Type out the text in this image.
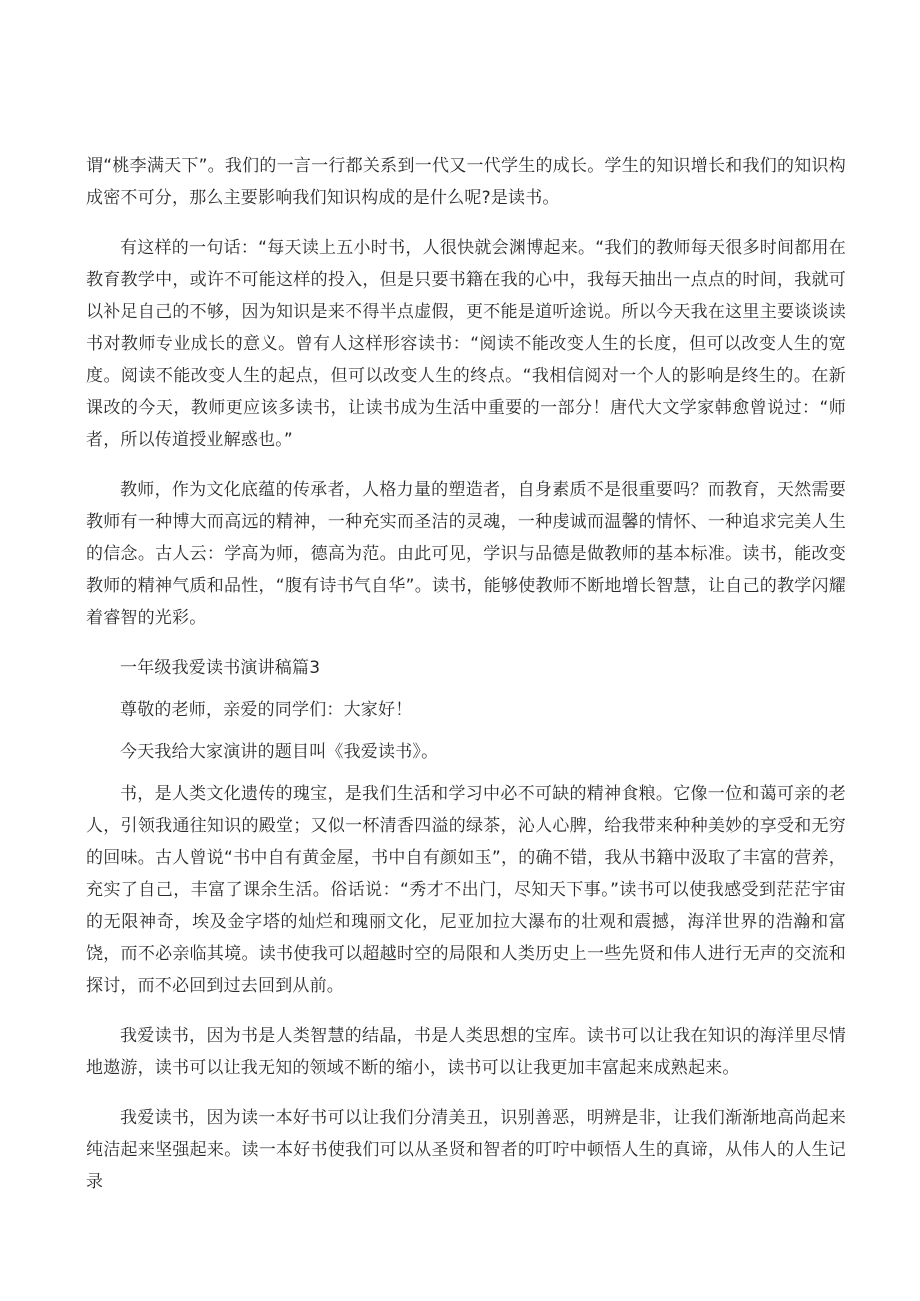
谓“桃李满天下”。我们的一言一行都关系到一代又一代学生的成长。学生的知识增长和我们的知识构成密不可分，那么主要影响我们知识构成的是什么呢?是读书。

有这样的一句话：“每天读上五小时书，人很快就会渊博起来。“我们的教师每天很多时间都用在教育教学中，或许不可能这样的投入，但是只要书籍在我的心中，我每天抽出一点点的时间，我就可以补足自己的不够，因为知识是来不得半点虚假，更不能是道听途说。所以今天我在这里主要谈谈读书对教师专业成长的意义。曾有人这样形容读书：“阅读不能改变人生的长度，但可以改变人生的宽度。阅读不能改变人生的起点，但可以改变人生的终点。“我相信阅对一个人的影响是终生的。在新课改的今天，教师更应该多读书，让读书成为生活中重要的一部分！唐代大文学家韩愈曾说过：“师者，所以传道授业解惑也。”

教师，作为文化底蕴的传承者，人格力量的塑造者，自身素质不是很重要吗？而教育，天然需要教师有一种博大而高远的精神，一种充实而圣洁的灵魂，一种虔诚而温馨的情怀、一种追求完美人生的信念。古人云：学高为师，德高为范。由此可见，学识与品德是做教师的基本标准。读书，能改变教师的精神气质和品性，“腹有诗书气自华”。读书，能够使教师不断地增长智慧，让自己的教学闪耀着睿智的光彩。

一年级我爱读书演讲稿篇3

尊敬的老师，亲爱的同学们：大家好！

今天我给大家演讲的题目叫《我爱读书》。

书，是人类文化遗传的瑰宝，是我们生活和学习中必不可缺的精神食粮。它像一位和蔼可亲的老人，引领我通往知识的殿堂；又似一杯清香四溢的绿茶，沁人心脾，给我带来种种美妙的享受和无穷的回味。古人曾说“书中自有黄金屋，书中自有颜如玉”，的确不错，我从书籍中汲取了丰富的营养，充实了自己，丰富了课余生活。俗话说：“秀才不出门，尽知天下事。”读书可以使我感受到茫茫宇宙的无限神奇，埃及金字塔的灿烂和瑰丽文化，尼亚加拉大瀑布的壮观和震撼，海洋世界的浩瀚和富饶，而不必亲临其境。读书使我可以超越时空的局限和人类历史上一些先贤和伟人进行无声的交流和探讨，而不必回到过去回到从前。

我爱读书，因为书是人类智慧的结晶，书是人类思想的宝库。读书可以让我在知识的海洋里尽情地遨游，读书可以让我无知的领域不断的缩小，读书可以让我更加丰富起来成熟起来。

我爱读书，因为读一本好书可以让我们分清美丑，识别善恶，明辨是非，让我们渐渐地高尚起来纯洁起来坚强起来。读一本好书使我们可以从圣贤和智者的叮咛中顿悟人生的真谛，从伟人的人生记录
